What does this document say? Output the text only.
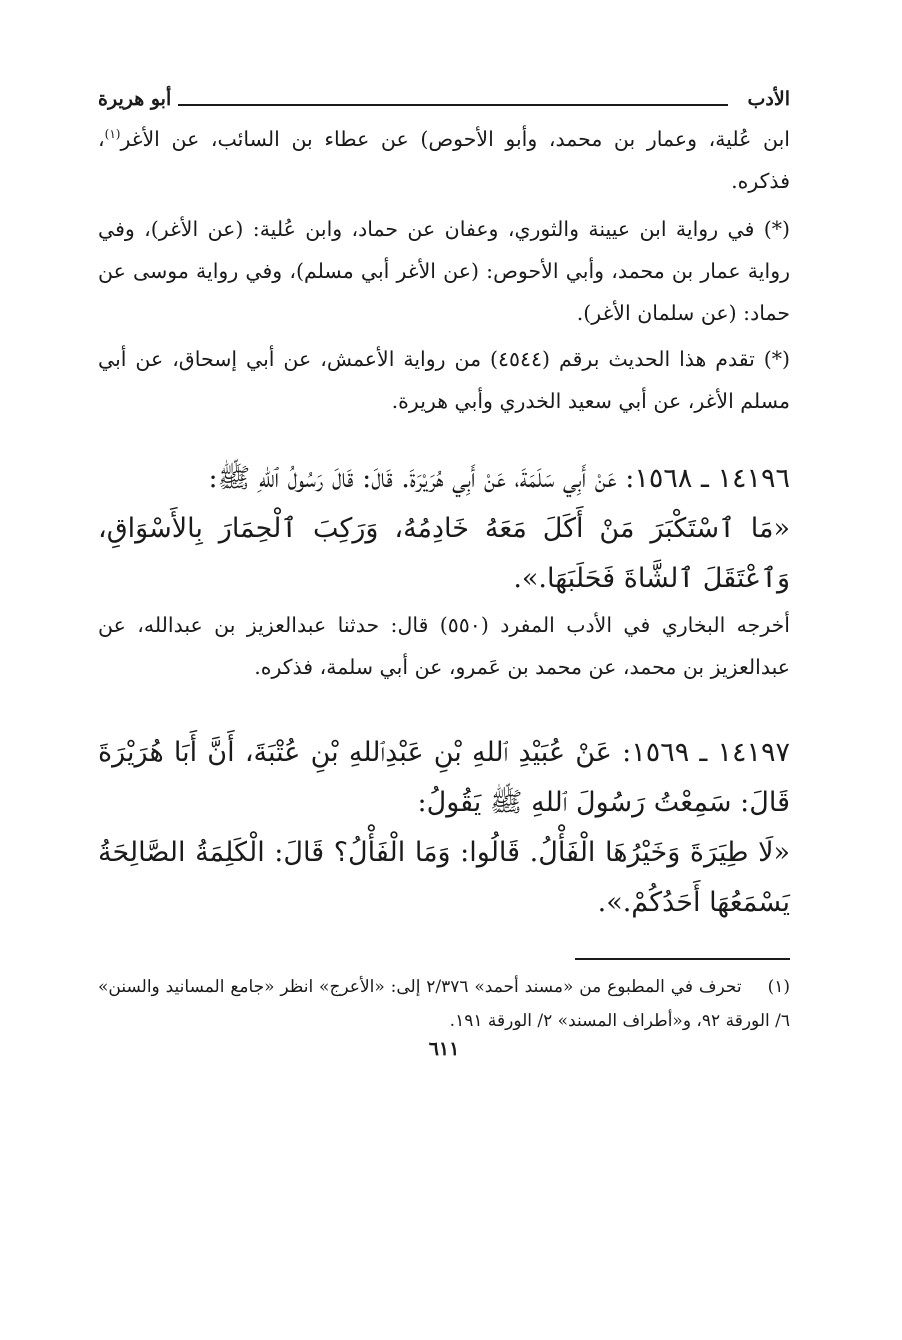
الأدب
أبو هريرة

ابن عُلية، وعمار بن محمد، وأبو الأحوص) عن عطاء بن السائب، عن الأغر$^{(١)}$، فذكره.

(*) في رواية ابن عيينة والثوري، وعفان عن حماد، وابن عُلية: (عن الأغر)، وفي رواية عمار بن محمد، وأبي الأحوص: (عن الأغر أبي مسلم)، وفي رواية موسى عن حماد: (عن سلمان الأغر).

(*) تقدم هذا الحديث برقم (٤٥٤٤) من رواية الأعمش، عن أبي إسحاق، عن أبي مسلم الأغر، عن أبي سعيد الخدري وأبي هريرة.

١٤١٩٦ ـ ١٥٦٨: عَنْ أَبِي سَلَمَةَ، عَنْ أَبِي هُرَيْرَةَ. قَالَ: قَالَ رَسُولُ ٱللهِ ﷺ:

«مَا ٱسْتَكْبَرَ مَنْ أَكَلَ مَعَهُ خَادِمُهُ، وَرَكِبَ ٱلْحِمَارَ بِالأَسْوَاقِ، وَٱعْتَقَلَ ٱلشَّاةَ فَحَلَبَهَا.».

أخرجه البخاري في الأدب المفرد (٥٥٠) قال: حدثنا عبدالعزيز بن عبدالله، عن عبدالعزيز بن محمد، عن محمد بن عَمرو، عن أبي سلمة، فذكره.

١٤١٩٧ ـ ١٥٦٩: عَنْ عُبَيْدِ ٱللهِ بْنِ عَبْدِٱللهِ بْنِ عُتْبَةَ، أَنَّ أَبَا هُرَيْرَةَ قَالَ: سَمِعْتُ رَسُولَ ٱللهِ ﷺ يَقُولُ:

«لَا طِيَرَةَ وَخَيْرُهَا الْفَأْلُ. قَالُوا: وَمَا الْفَأْلُ؟ قَالَ: الْكَلِمَةُ الصَّالِحَةُ يَسْمَعُهَا أَحَدُكُمْ.».

(١)تحرف في المطبوع من «مسند أحمد» ٢/٣٧٦ إلى: «الأعرج» انظر «جامع المسانيد والسنن» ٦/ الورقة ٩٢، و«أطراف المسند» ٢/ الورقة ١٩١.

٦١١
